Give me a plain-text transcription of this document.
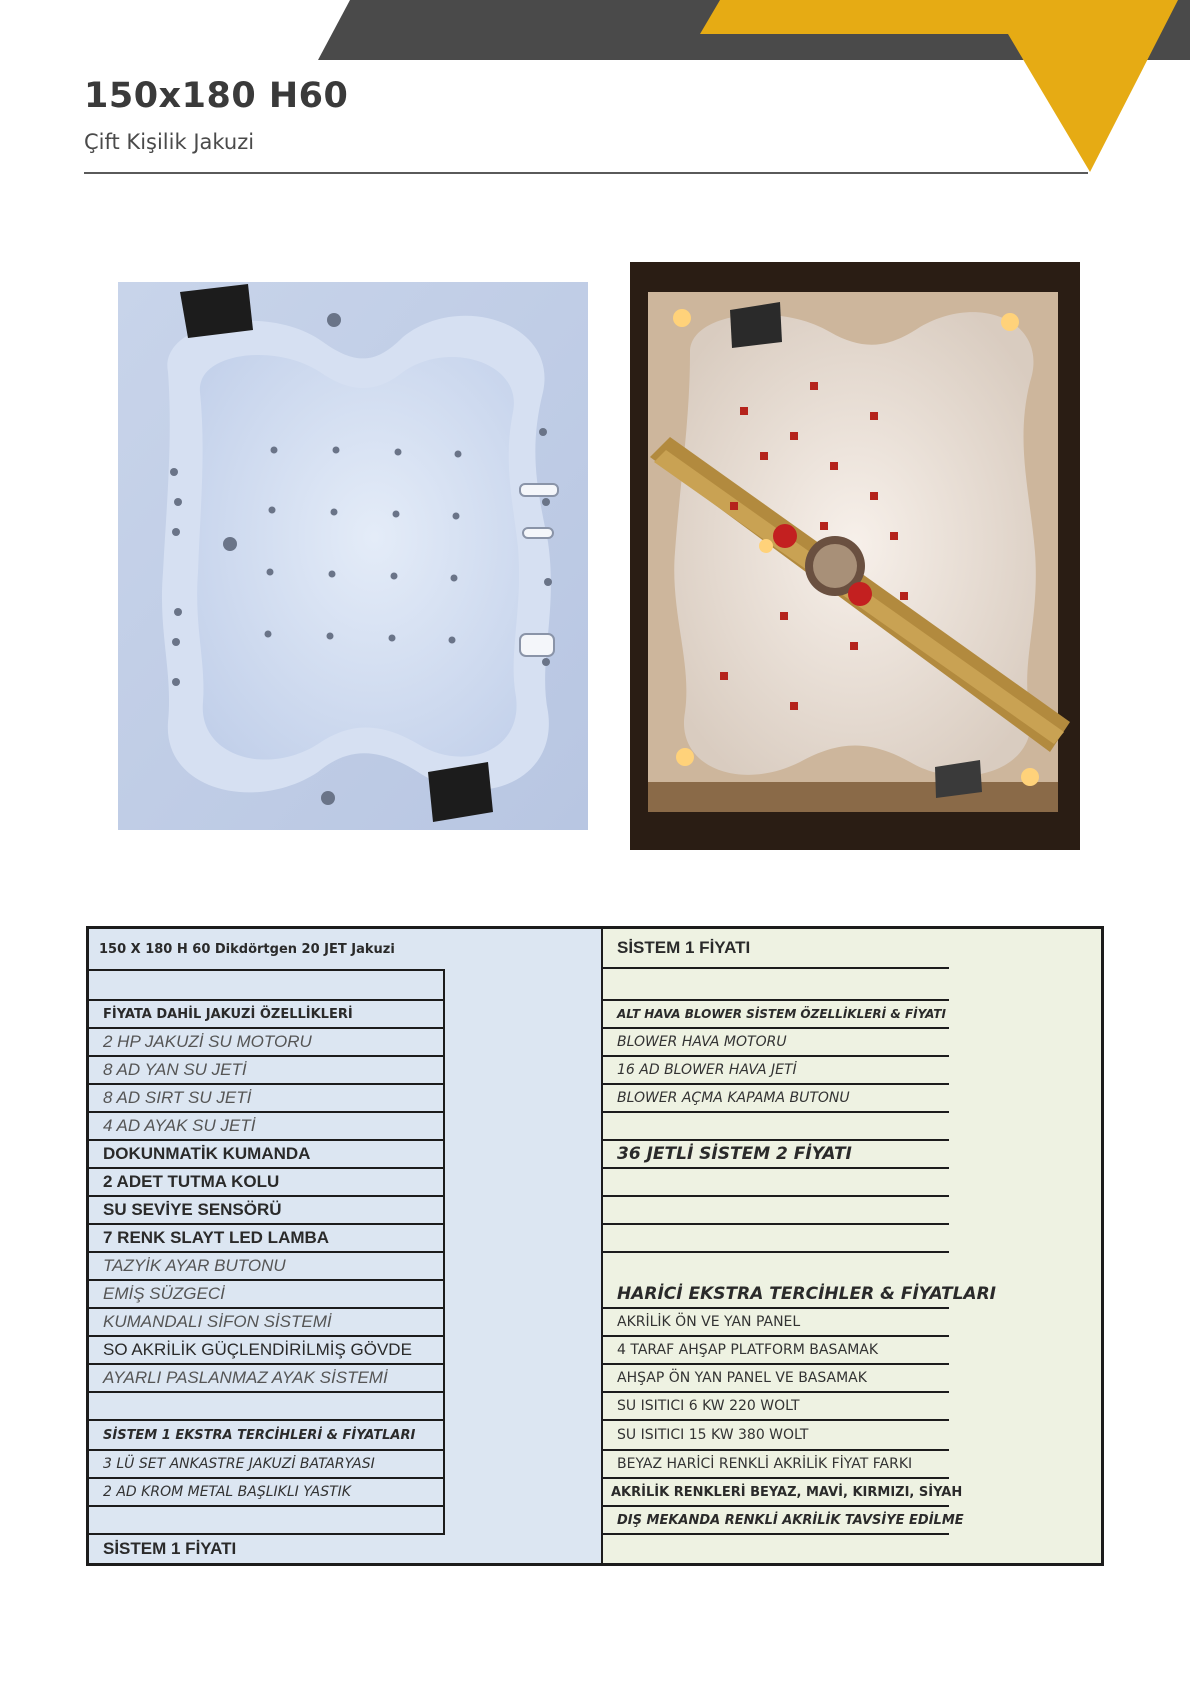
150x180 H60
Çift Kişilik Jakuzi
150 X 180 H 60 Dikdörtgen 20 JET Jakuzi
FİYATA DAHİL JAKUZİ ÖZELLİKLERİ
2 HP JAKUZİ SU MOTORU
8 AD YAN SU JETİ
8 AD SIRT SU JETİ
4 AD AYAK SU JETİ
DOKUNMATİK KUMANDA
2 ADET TUTMA KOLU
SU SEVİYE SENSÖRÜ
7 RENK SLAYT LED LAMBA
TAZYİK AYAR BUTONU
EMİŞ SÜZGECİ
KUMANDALI SİFON SİSTEMİ
SO AKRİLİK GÜÇLENDİRİLMİŞ GÖVDE
AYARLI PASLANMAZ AYAK SİSTEMİ
SİSTEM 1 EKSTRA TERCİHLERİ & FİYATLARI
3 LÜ SET ANKASTRE JAKUZİ BATARYASI
2 AD KROM METAL BAŞLIKLI YASTIK
SİSTEM 1 FİYATI
SİSTEM 1 FİYATI
ALT HAVA BLOWER SİSTEM ÖZELLİKLERİ & FİYATI
BLOWER HAVA MOTORU
16 AD BLOWER HAVA JETİ
BLOWER AÇMA KAPAMA BUTONU
36 JETLİ SİSTEM 2 FİYATI
HARİCİ EKSTRA TERCİHLER & FİYATLARI
AKRİLİK ÖN VE YAN PANEL
4 TARAF AHŞAP PLATFORM BASAMAK
AHŞAP ÖN YAN PANEL VE BASAMAK
SU ISITICI 6 KW 220 WOLT
SU ISITICI 15 KW 380 WOLT
BEYAZ HARİCİ RENKLİ AKRİLİK FİYAT FARKI
AKRİLİK RENKLERİ BEYAZ, MAVİ, KIRMIZI, SİYAH
DIŞ MEKANDA RENKLİ AKRİLİK TAVSİYE EDİLME
